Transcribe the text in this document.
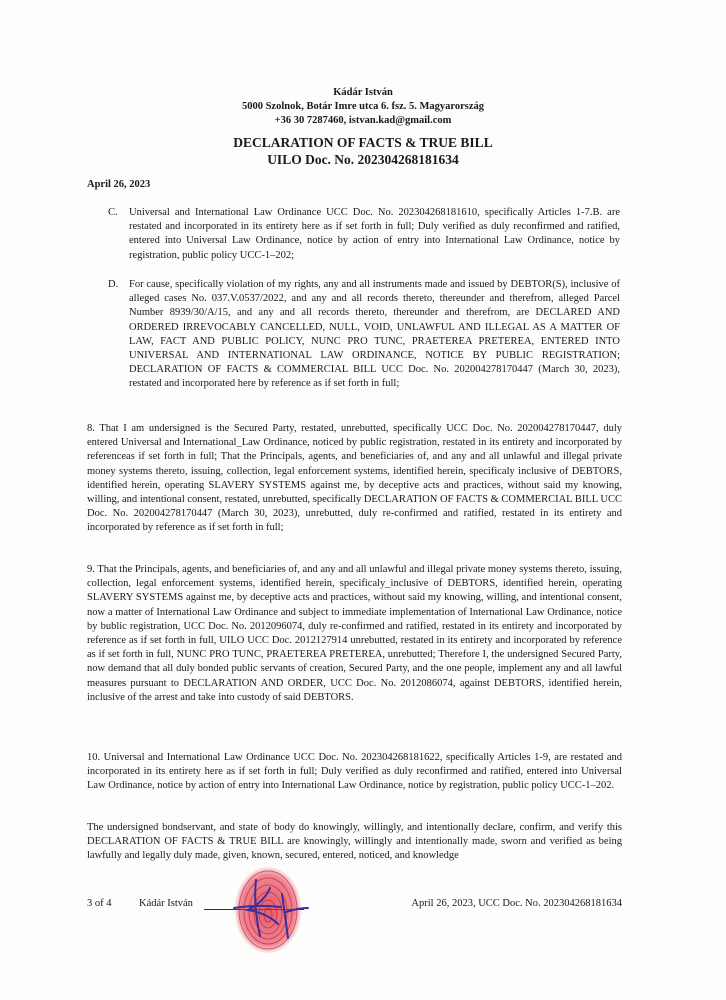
Kádár István
5000 Szolnok, Botár Imre utca 6. fsz. 5. Magyarország
+36 30 7287460, istvan.kad@gmail.com
DECLARATION OF FACTS & TRUE BILL
UILO Doc. No. 202304268181634
April 26, 2023
C. Universal and International Law Ordinance UCC Doc. No. 202304268181610, specifically Articles 1-7.B. are restated and incorporated in its entirety here as if set forth in full; Duly verified as duly reconfirmed and ratified, entered into Universal Law Ordinance, notice by action of entry into International Law Ordinance, notice by registration, public policy UCC-1–202;
D. For cause, specifically violation of my rights, any and all instruments made and issued by DEBTOR(S), inclusive of alleged cases No. 037.V.0537/2022, and any and all records thereto, thereunder and therefrom, alleged Parcel Number 8939/30/A/15, and any and all records thereto, thereunder and therefrom, are DECLARED AND ORDERED IRREVOCABLY CANCELLED, NULL, VOID, UNLAWFUL AND ILLEGAL AS A MATTER OF LAW, FACT AND PUBLIC POLICY, NUNC PRO TUNC, PRAETEREA PRETEREA, ENTERED INTO UNIVERSAL AND INTERNATIONAL LAW ORDINANCE, NOTICE BY PUBLIC REGISTRATION; DECLARATION OF FACTS & COMMERCIAL BILL UCC Doc. No. 202004278170447 (March 30, 2023), restated and incorporated here by reference as if set forth in full;
8. That I am undersigned is the Secured Party, restated, unrebutted, specifically UCC Doc. No. 202004278170447, duly entered Universal and International_Law Ordinance, noticed by public registration, restated in its entirety and incorporated by referenceas if set forth in full; That the Principals, agents, and beneficiaries of, and any and all unlawful and illegal private money systems thereto, issuing, collection, legal enforcement systems, identified herein, specificaly inclusive of DEBTORS, identified herein, operating SLAVERY SYSTEMS against me, by deceptive acts and practices, without said my knowing, willing, and intentional consent, restated, unrebutted, specifically DECLARATION OF FACTS & COMMERCIAL BILL UCC Doc. No. 202004278170447 (March 30, 2023), unrebutted, duly re-confirmed and ratified, restated in its entirety and incorporated by reference as if set forth in full;
9. That the Principals, agents, and beneficiaries of, and any and all unlawful and illegal private money systems thereto, issuing, collection, legal enforcement systems, identified herein, specificaly_inclusive of DEBTORS, identified herein, operating SLAVERY SYSTEMS against me, by deceptive acts and practices, without said my knowing, willing, and intentional consent, now a matter of International Law Ordinance and subject to immediate implementation of International Law Ordinance, notice by bublic registration, UCC Doc. No. 2012096074, duly re-confirmed and ratified, restated in its entirety and incorporated by reference as if set forth in full, UILO UCC Doc. 2012127914 unrebutted, restated in its entirety and incorporated by reference as if set forth in full, NUNC PRO TUNC, PRAETEREA PRETEREA, unrebutted; Therefore I, the undersigned Secured Party, now demand that all duly bonded public servants of creation, Secured Party, and the one people, implement any and all lawful measures pursuant to DECLARATION AND ORDER, UCC Doc. No. 2012086074, against DEBTORS, identified herein, inclusive of the arrest and take into custody of said DEBTORS.
10. Universal and International Law Ordinance UCC Doc. No. 202304268181622, specifically Articles 1-9, are restated and incorporated in its entirety here as if set forth in full; Duly verified as duly reconfirmed and ratified, entered into Universal Law Ordinance, notice by action of entry into International Law Ordinance, notice by registration, public policy UCC-1–202.
The undersigned bondservant, and state of body do knowingly, willingly, and intentionally declare, confirm, and verify this DECLARATION OF FACTS & TRUE BILL are knowingly, willingly and intentionally made, sworn and verified as being lawfully and legally duly made, given, known, secured, entered, noticed, and knowledge
3 of 4	Kádár István	April 26, 2023, UCC Doc. No. 202304268181634
